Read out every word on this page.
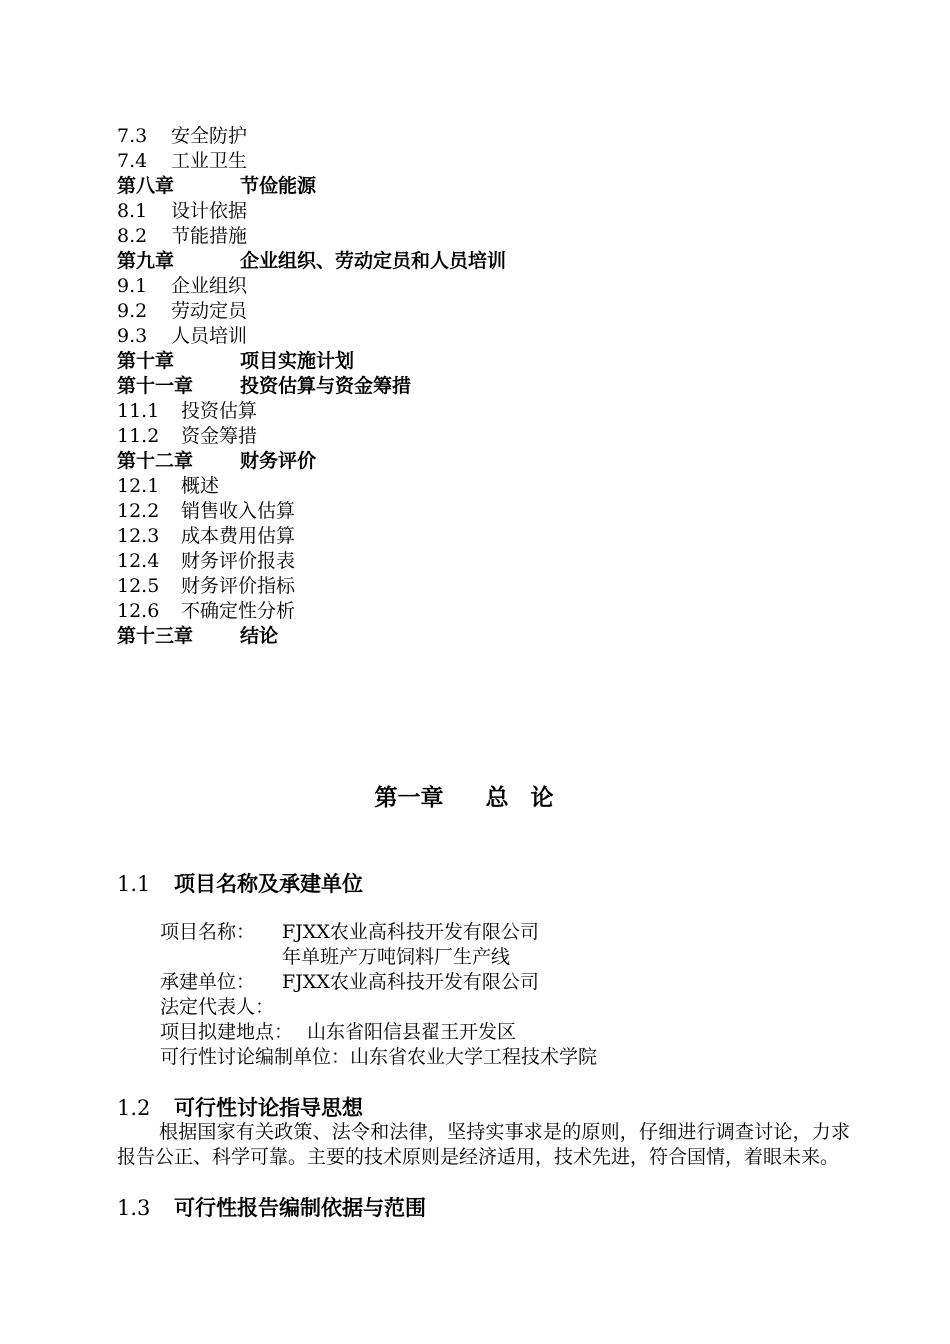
7.3 安全防护
7.4 工业卫生
第八章	节俭能源
8.1 设计依据
8.2 节能措施
第九章	企业组织、劳动定员和人员培训
9.1 企业组织
9.2 劳动定员
9.3 人员培训
第十章	项目实施计划
第十一章 投资估算与资金筹措
11.1 投资估算
11.2 资金筹措
第十二章 财务评价
12.1 概述
12.2 销售收入估算
12.3 成本费用估算
12.4 财务评价报表
12.5 财务评价指标
12.6 不确定性分析
第十三章 结论
第一章 总论
1.1 项目名称及承建单位
项目名称： FJXX农业高科技开发有限公司
年单班产万吨饲料厂生产线
承建单位： FJXX农业高科技开发有限公司
法定代表人：
项目拟建地点： 山东省阳信县翟王开发区
可行性讨论编制单位：山东省农业大学工程技术学院
1.2 可行性讨论指导思想
根据国家有关政策、法令和法律，坚持实事求是的原则，仔细进行调查讨论，力求报告公正、科学可靠。主要的技术原则是经济适用，技术先进，符合国情，着眼未来。
1.3 可行性报告编制依据与范围
